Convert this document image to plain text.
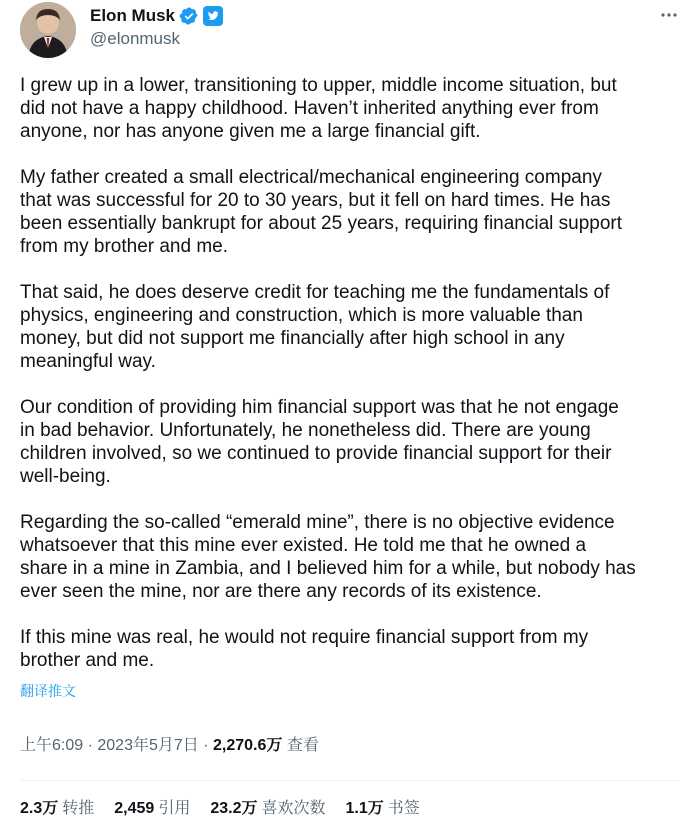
Elon Musk
@elonmusk

I grew up in a lower, transitioning to upper, middle income situation, but
did not have a happy childhood. Haven’t inherited anything ever from
anyone, nor has anyone given me a large financial gift.

My father created a small electrical/mechanical engineering company
that was successful for 20 to 30 years, but it fell on hard times. He has
been essentially bankrupt for about 25 years, requiring financial support
from my brother and me.

That said, he does deserve credit for teaching me the fundamentals of
physics, engineering and construction, which is more valuable than
money, but did not support me financially after high school in any
meaningful way.

Our condition of providing him financial support was that he not engage
in bad behavior. Unfortunately, he nonetheless did. There are young
children involved, so we continued to provide financial support for their
well-being.

Regarding the so-called “emerald mine”, there is no objective evidence
whatsoever that this mine ever existed. He told me that he owned a
share in a mine in Zambia, and I believed him for a while, but nobody has
ever seen the mine, nor are there any records of its existence.

If this mine was real, he would not require financial support from my
brother and me.

翻译推文
上午6:09 · 2023年5月7日 · 2,270.6万 查看
2.3万 转推 2,459 引用 23.2万 喜欢次数 1.1万 书签
